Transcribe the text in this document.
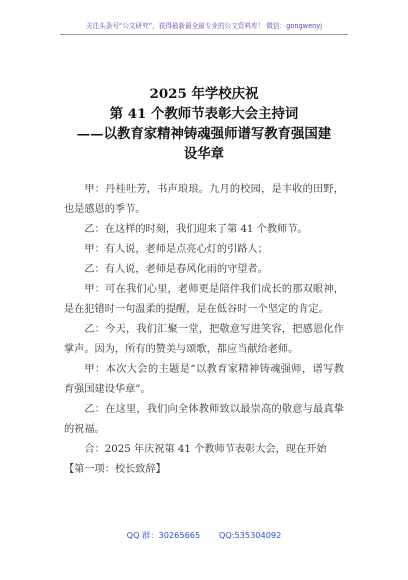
关注头条号“公文研究”，获得最新最全最专业的公文资料库！ 微信：gongwenyj
2025 年学校庆祝
第 41 个教师节表彰大会主持词
——以教育家精神铸魂强师谱写教育强国建
设华章

甲：丹桂吐芳，书声琅琅。九月的校园，是丰收的田野，也是感恩的季节。

乙：在这样的时刻，我们迎来了第 41 个教师节。

甲：有人说，老师是点亮心灯的引路人；

乙：有人说，老师是春风化雨的守望者。

甲：可在我们心里，老师更是陪伴我们成长的那双眼神，是在犯错时一句温柔的提醒，是在低谷时一个坚定的肯定。

乙：今天，我们汇聚一堂，把敬意写进笑容，把感恩化作掌声。因为，所有的赞美与颂歌，都应当献给老师。

甲：本次大会的主题是“以教育家精神铸魂强师，谱写教育强国建设华章”。

乙：在这里，我们向全体教师致以最崇高的敬意与最真挚的祝福。

合：2025 年庆祝第 41 个教师节表彰大会，现在开始

【第一项：校长致辞】

QQ 群：30265665 QQ:535304092
